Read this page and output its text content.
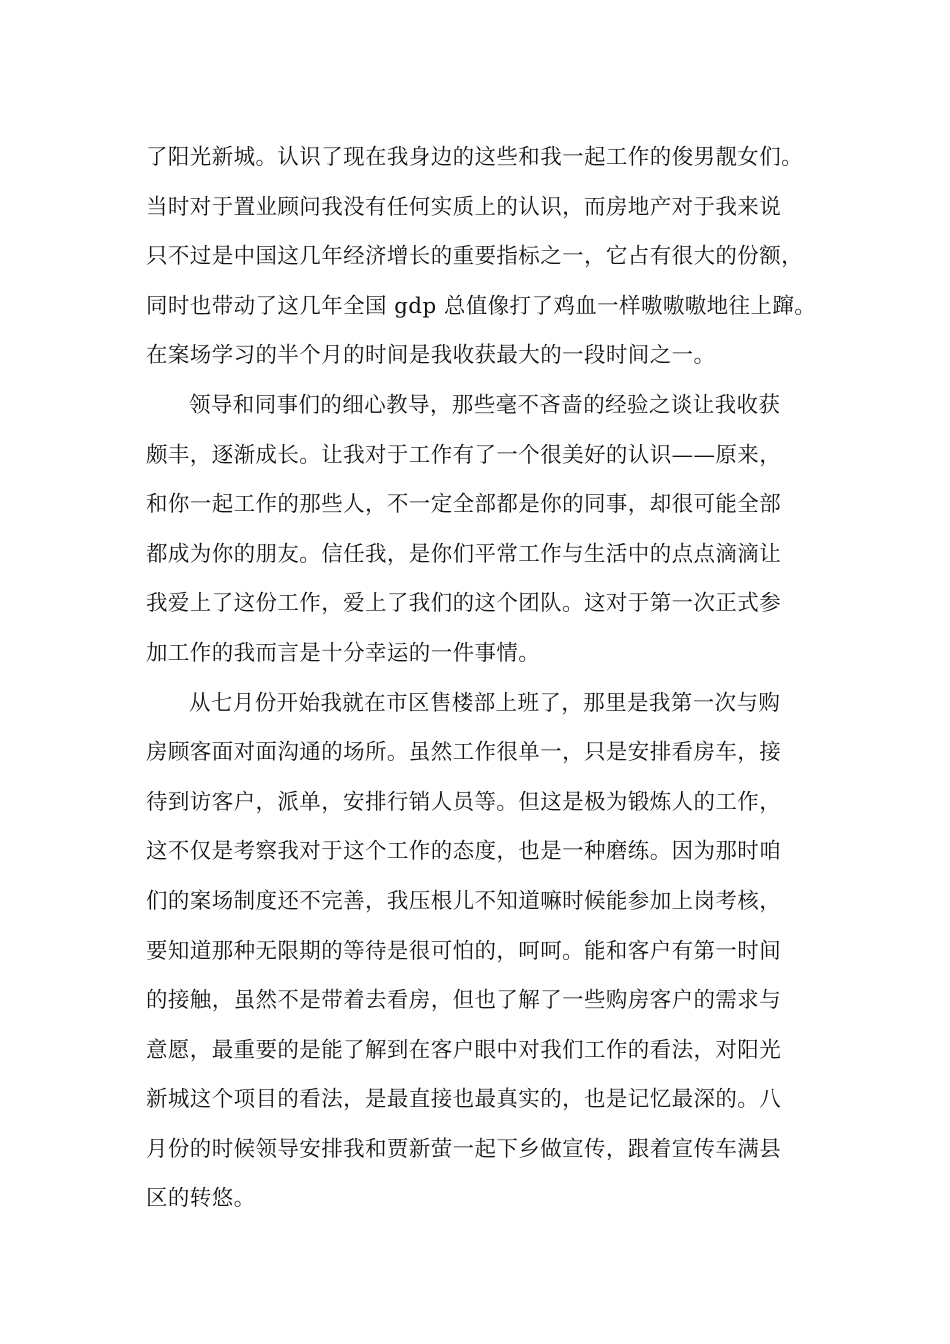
了阳光新城。认识了现在我身边的这些和我一起工作的俊男靓女们。
当时对于置业顾问我没有任何实质上的认识，而房地产对于我来说
只不过是中国这几年经济增长的重要指标之一，它占有很大的份额，
同时也带动了这几年全国 gdp 总值像打了鸡血一样嗷嗷嗷地往上蹿。
在案场学习的半个月的时间是我收获最大的一段时间之一。
领导和同事们的细心教导，那些毫不吝啬的经验之谈让我收获
颇丰，逐渐成长。让我对于工作有了一个很美好的认识——原来，
和你一起工作的那些人，不一定全部都是你的同事，却很可能全部
都成为你的朋友。信任我，是你们平常工作与生活中的点点滴滴让
我爱上了这份工作，爱上了我们的这个团队。这对于第一次正式参
加工作的我而言是十分幸运的一件事情。
从七月份开始我就在市区售楼部上班了，那里是我第一次与购
房顾客面对面沟通的场所。虽然工作很单一，只是安排看房车，接
待到访客户，派单，安排行销人员等。但这是极为锻炼人的工作，
这不仅是考察我对于这个工作的态度，也是一种磨练。因为那时咱
们的案场制度还不完善，我压根儿不知道嘛时候能参加上岗考核，
要知道那种无限期的等待是很可怕的，呵呵。能和客户有第一时间
的接触，虽然不是带着去看房，但也了解了一些购房客户的需求与
意愿，最重要的是能了解到在客户眼中对我们工作的看法，对阳光
新城这个项目的看法，是最直接也最真实的，也是记忆最深的。八
月份的时候领导安排我和贾新萤一起下乡做宣传，跟着宣传车满县
区的转悠。
